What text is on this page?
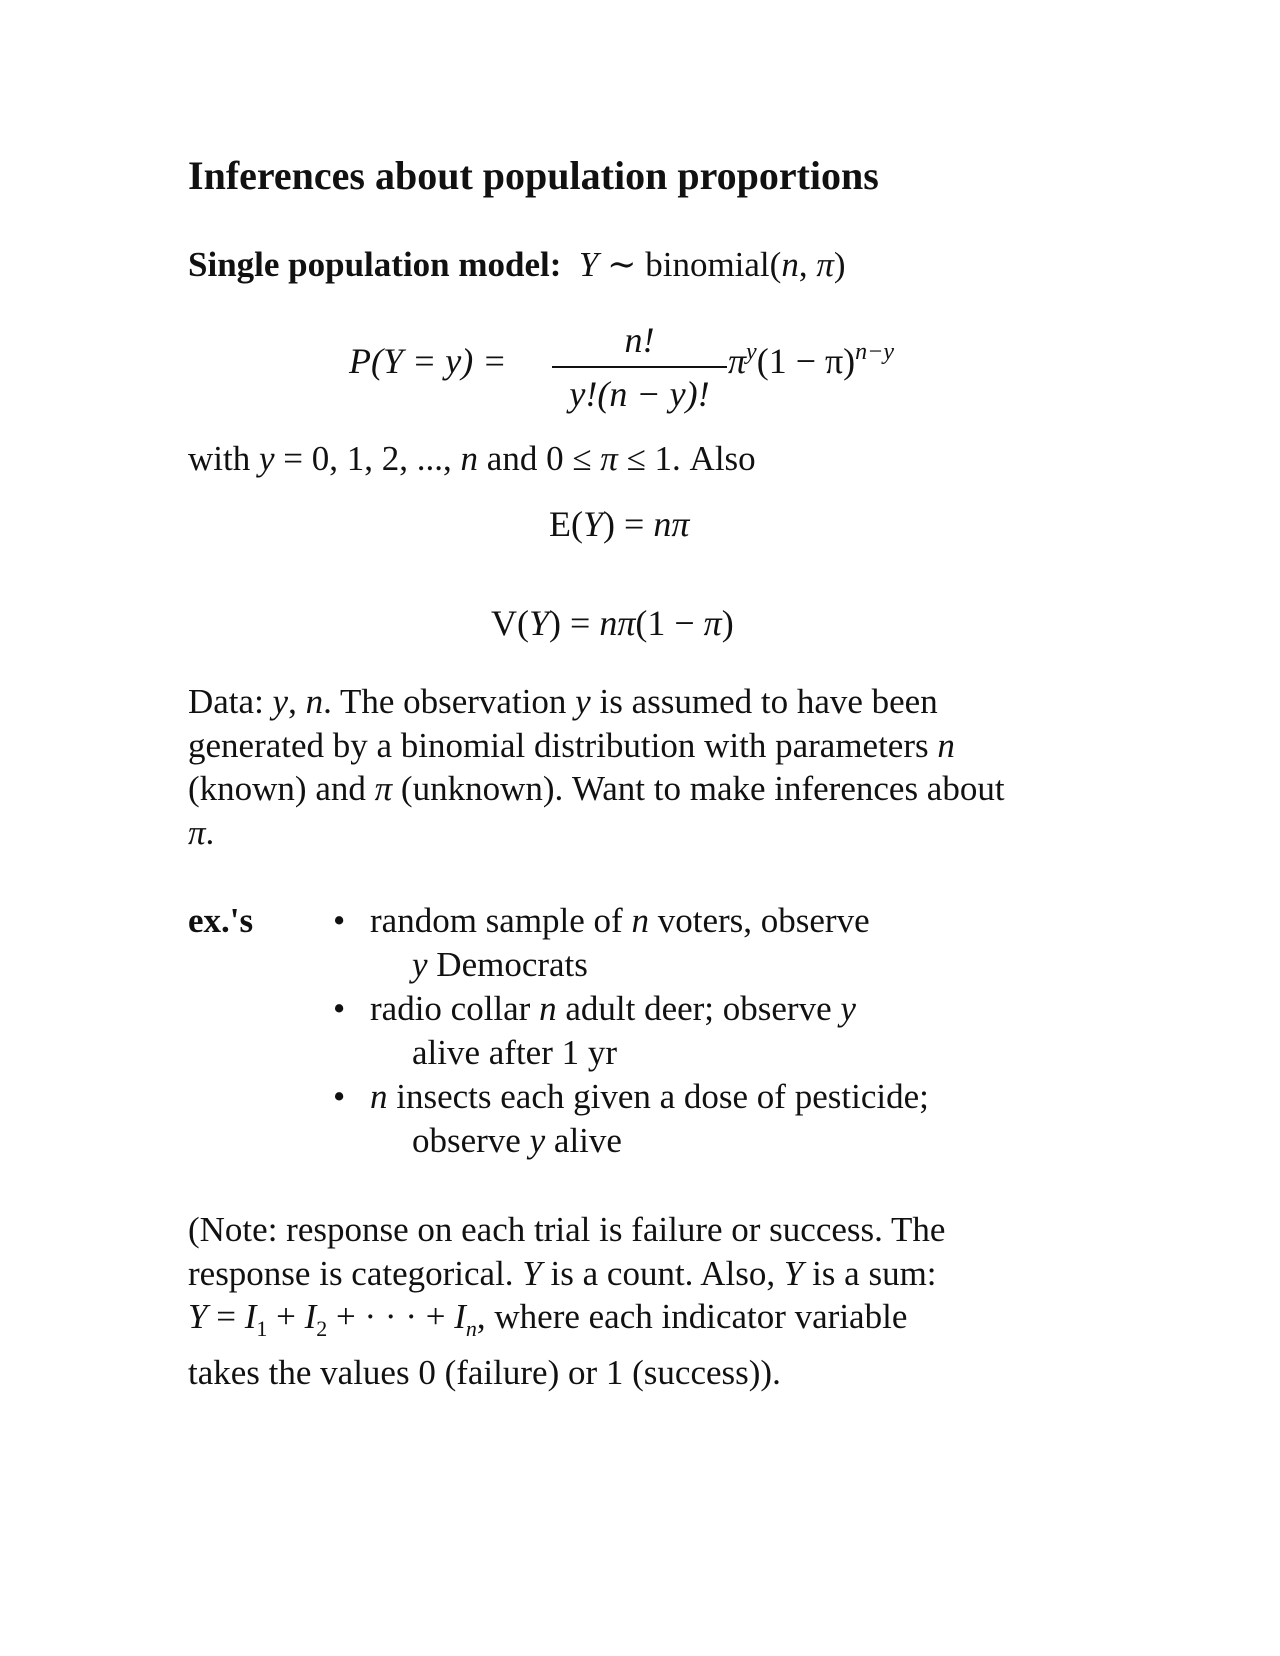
Inferences about population proportions
Single population model: Y ∼ binomial(n, π)
P(Y = y) =
n!
y!(n − y)!
$\pi^y(1 - \pi)^{n-y}$
with y = 0, 1, 2, ..., n and 0 ≤ π ≤ 1. Also
E(Y) = nπ
V(Y) = nπ(1 − π)
Data: y, n. The observation y is assumed to have been
generated by a binomial distribution with parameters n
(known) and π (unknown). Want to make inferences about
π.
ex.'s • random sample of n voters, observe
y Democrats
• radio collar n adult deer; observe y
alive after 1 yr
• n insects each given a dose of pesticide;
observe y alive
(Note: response on each trial is failure or success. The
response is categorical. Y is a count. Also, Y is a sum:
$Y = I_1 + I_2$ + · · · + $I_n$, where each indicator variable
takes the values 0 (failure) or 1 (success)).
